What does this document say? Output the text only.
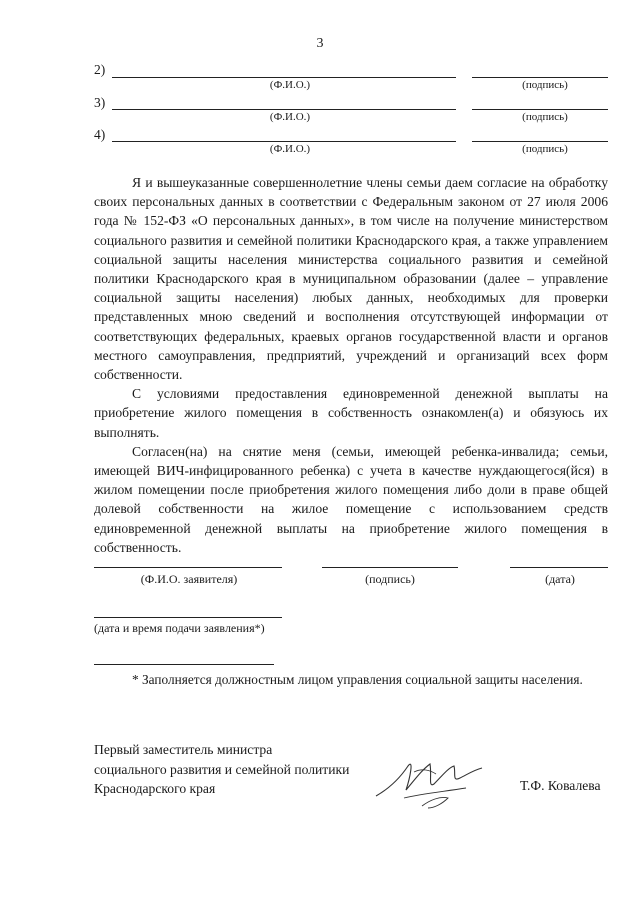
3
2)
(Ф.И.О.)	(подпись)
3)
(Ф.И.О.)	(подпись)
4)
(Ф.И.О.)	(подпись)

Я и вышеуказанные совершеннолетние члены семьи даем согласие на обработку своих персональных данных в соответствии с Федеральным законом от 27 июля 2006 года № 152-ФЗ «О персональных данных», в том числе на получение министерством социального развития и семейной политики Краснодарского края, а также управлением социальной защиты населения министерства социального развития и семейной политики Краснодарского края в муниципальном образовании (далее – управление социальной защиты населения) любых данных, необходимых для проверки представленных мною сведений и восполнения отсутствующей информации от соответствующих федеральных, краевых органов государственной власти и органов местного самоуправления, предприятий, учреждений и организаций всех форм собственности.

С условиями предоставления единовременной денежной выплаты на приобретение жилого помещения в собственность ознакомлен(а) и обязуюсь их выполнять.

Согласен(на) на снятие меня (семьи, имеющей ребенка-инвалида; семьи, имеющей ВИЧ-инфицированного ребенка) с учета в качестве нуждающегося(йся) в жилом помещении после приобретения жилого помещения либо доли в праве общей долевой собственности на жилое помещение с использованием средств единовременной денежной выплаты на приобретение жилого помещения в собственность.

(Ф.И.О. заявителя)	(подпись)	(дата)
(дата и время подачи заявления*)
* Заполняется должностным лицом управления социальной защиты населения.
Первый заместитель министра
социального развития и семейной политики
Краснодарского края	Т.Ф. Ковалева
